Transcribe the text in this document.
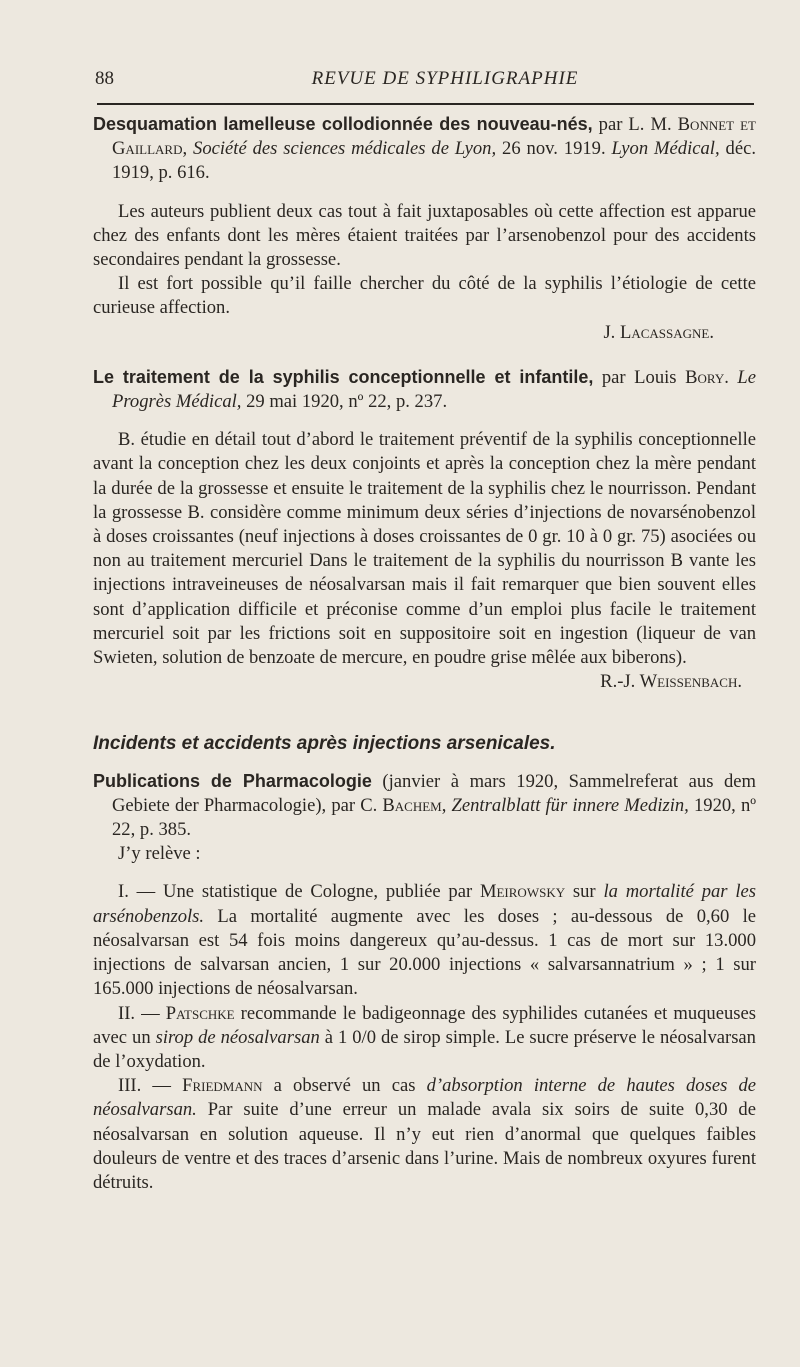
88	REVUE DE SYPHILIGRAPHIE

Desquamation lamelleuse collodionnée des nouveau-nés, par L. M. Bonnet et Gaillard, Société des sciences médicales de Lyon, 26 nov. 1919. Lyon Médical, déc. 1919, p. 616.

Les auteurs publient deux cas tout à fait juxtaposables où cette affection est apparue chez des enfants dont les mères étaient traitées par l’arsenobenzol pour des accidents secondaires pendant la grossesse.

Il est fort possible qu’il faille chercher du côté de la syphilis l’étiologie de cette curieuse affection.

J. Lacassagne.

Le traitement de la syphilis conceptionnelle et infantile, par Louis Bory. Le Progrès Médical, 29 mai 1920, nº 22, p. 237.

B. étudie en détail tout d’abord le traitement préventif de la syphilis conceptionnelle avant la conception chez les deux conjoints et après la conception chez la mère pendant la durée de la grossesse et ensuite le traitement de la syphilis chez le nourrisson. Pendant la grossesse B. considère comme minimum deux séries d’injections de novarsénobenzol à doses croissantes (neuf injections à doses croissantes de 0 gr. 10 à 0 gr. 75) asociées ou non au traitement mercuriel Dans le traitement de la syphilis du nourrisson B vante les injections intraveineuses de néosalvarsan mais il fait remarquer que bien souvent elles sont d’application difficile et préconise comme d’un emploi plus facile le traitement mercuriel soit par les frictions soit en suppositoire soit en ingestion (liqueur de van Swieten, solution de benzoate de mercure, en poudre grise mêlée aux biberons).

R.-J. Weissenbach.

Incidents et accidents après injections arsenicales.

Publications de Pharmacologie (janvier à mars 1920, Sammelreferat aus dem Gebiete der Pharmacologie), par C. Bachem, Zentralblatt für innere Medizin, 1920, nº 22, p. 385.

J’y relève :

I. — Une statistique de Cologne, publiée par Meirowsky sur la mortalité par les arsénobenzols. La mortalité augmente avec les doses ; au-dessous de 0,60 le néosalvarsan est 54 fois moins dangereux qu’au-dessus. 1 cas de mort sur 13.000 injections de salvarsan ancien, 1 sur 20.000 injections « salvarsannatrium » ; 1 sur 165.000 injections de néosalvarsan.

II. — Patschke recommande le badigeonnage des syphilides cutanées et muqueuses avec un sirop de néosalvarsan à 1 0/0 de sirop simple. Le sucre préserve le néosalvarsan de l’oxydation.

III. — Friedmann a observé un cas d’absorption interne de hautes doses de néosalvarsan. Par suite d’une erreur un malade avala six soirs de suite 0,30 de néosalvarsan en solution aqueuse. Il n’y eut rien d’anormal que quelques faibles douleurs de ventre et des traces d’arsenic dans l’urine. Mais de nombreux oxyures furent détruits.
